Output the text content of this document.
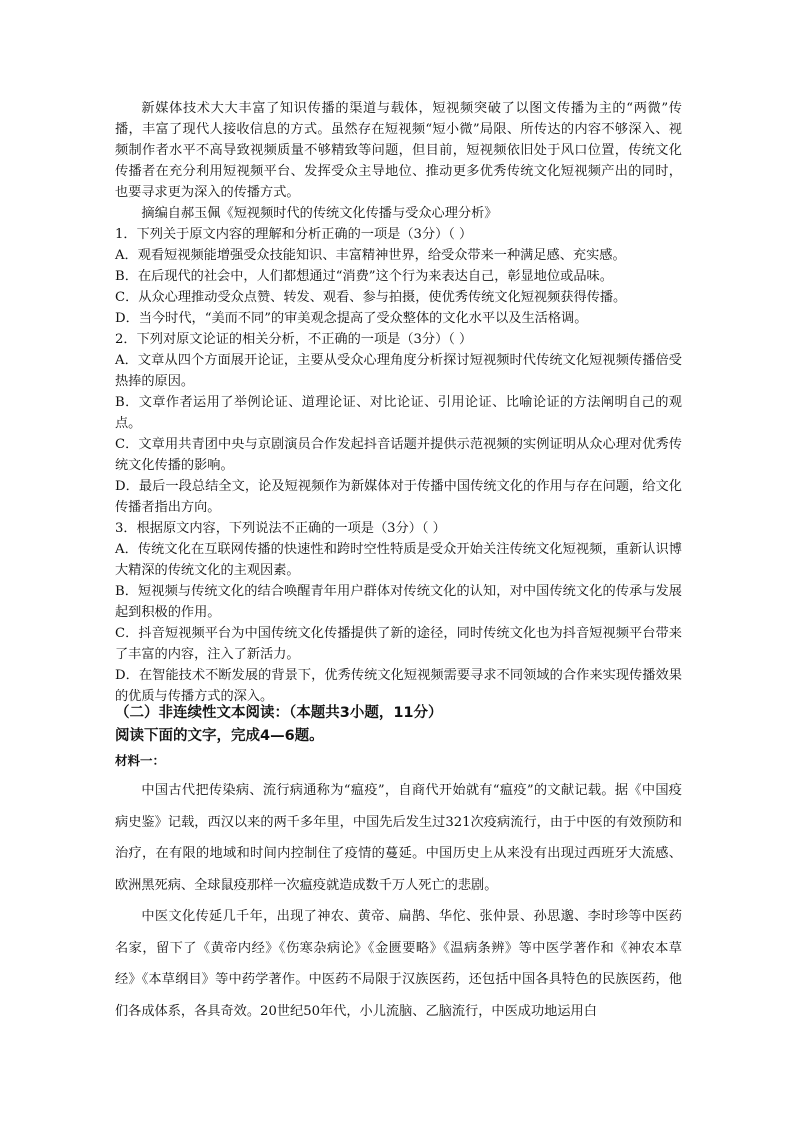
新媒体技术大大丰富了知识传播的渠道与载体，短视频突破了以图文传播为主的“两微”传播，丰富了现代人接收信息的方式。虽然存在短视频“短小微”局限、所传达的内容不够深入、视频制作者水平不高导致视频质量不够精致等问题，但目前，短视频依旧处于风口位置，传统文化传播者在充分利用短视频平台、发挥受众主导地位、推动更多优秀传统文化短视频产出的同时，也要寻求更为深入的传播方式。

摘编自郝玉佩《短视频时代的传统文化传播与受众心理分析》

1．下列关于原文内容的理解和分析正确的一项是（3分）（ ）

A．观看短视频能增强受众技能知识、丰富精神世界，给受众带来一种满足感、充实感。

B．在后现代的社会中，人们都想通过“消费”这个行为来表达自己，彰显地位或品味。

C．从众心理推动受众点赞、转发、观看、参与拍摄，使优秀传统文化短视频获得传播。

D．当今时代，“美而不同”的审美观念提高了受众整体的文化水平以及生活格调。

2．下列对原文论证的相关分析，不正确的一项是（3分）（ ）

A．文章从四个方面展开论证，主要从受众心理角度分析探讨短视频时代传统文化短视频传播倍受热捧的原因。

B．文章作者运用了举例论证、道理论证、对比论证、引用论证、比喻论证的方法阐明自己的观点。

C．文章用共青团中央与京剧演员合作发起抖音话题并提供示范视频的实例证明从众心理对优秀传统文化传播的影响。

D．最后一段总结全文，论及短视频作为新媒体对于传播中国传统文化的作用与存在问题，给文化传播者指出方向。

3．根据原文内容，下列说法不正确的一项是（3分）（ ）

A．传统文化在互联网传播的快速性和跨时空性特质是受众开始关注传统文化短视频，重新认识博大精深的传统文化的主观因素。

B．短视频与传统文化的结合唤醒青年用户群体对传统文化的认知，对中国传统文化的传承与发展起到积极的作用。

C．抖音短视频平台为中国传统文化传播提供了新的途径，同时传统文化也为抖音短视频平台带来了丰富的内容，注入了新活力。

D．在智能技术不断发展的背景下，优秀传统文化短视频需要寻求不同领域的合作来实现传播效果的优质与传播方式的深入。

（二）非连续性文本阅读：（本题共3小题，11分）
阅读下面的文字，完成4—6题。
材料一：

中国古代把传染病、流行病通称为“瘟疫”，自商代开始就有“瘟疫”的文献记载。据《中国疫病史鉴》记载，西汉以来的两千多年里，中国先后发生过321次疫病流行，由于中医的有效预防和治疗，在有限的地域和时间内控制住了疫情的蔓延。中国历史上从来没有出现过西班牙大流感、欧洲黑死病、全球鼠疫那样一次瘟疫就造成数千万人死亡的悲剧。

中医文化传延几千年，出现了神农、黄帝、扁鹊、华佗、张仲景、孙思邈、李时珍等中医药名家，留下了《黄帝内经》《伤寒杂病论》《金匮要略》《温病条辨》等中医学著作和《神农本草经》《本草纲目》等中药学著作。中医药不局限于汉族医药，还包括中国各具特色的民族医药，他们各成体系，各具奇效。20世纪50年代，小儿流脑、乙脑流行，中医成功地运用白
